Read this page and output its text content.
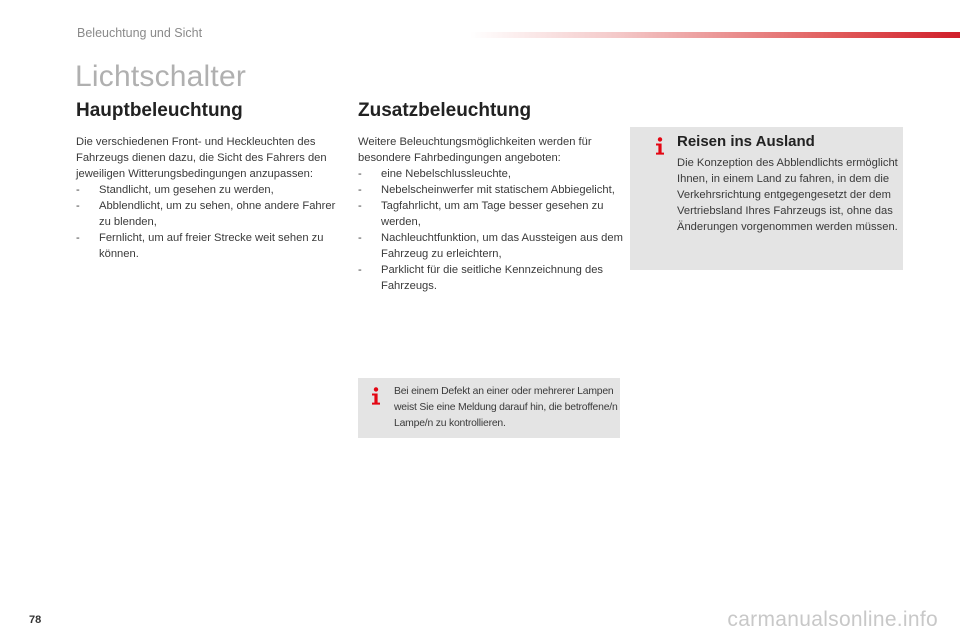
Beleuchtung und Sicht
Lichtschalter
Hauptbeleuchtung

Die verschiedenen Front- und Heckleuchten des Fahrzeugs dienen dazu, die Sicht des Fahrers den jeweiligen Witterungsbedingungen anzupassen:

- Standlicht, um gesehen zu werden,
- Abblendlicht, um zu sehen, ohne andere Fahrer zu blenden,
- Fernlicht, um auf freier Strecke weit sehen zu können.
Zusatzbeleuchtung

Weitere Beleuchtungsmöglichkeiten werden für besondere Fahrbedingungen angeboten:

- eine Nebelschlussleuchte,
- Nebelscheinwerfer mit statischem Abbiegelicht,
- Tagfahrlicht, um am Tage besser gesehen zu werden,
- Nachleuchtfunktion, um das Aussteigen aus dem Fahrzeug zu erleichtern,
- Parklicht für die seitliche Kennzeichnung des Fahrzeugs.
Reisen ins Ausland

Die Konzeption des Abblendlichts ermöglicht Ihnen, in einem Land zu fahren, in dem die Verkehrsrichtung entgegengesetzt der dem Vertriebsland Ihres Fahrzeugs ist, ohne das Änderungen vorgenommen werden müssen.

Bei einem Defekt an einer oder mehrerer Lampen weist Sie eine Meldung darauf hin, die betroffene/n Lampe/n zu kontrollieren.

78	carmanualsonline.info
